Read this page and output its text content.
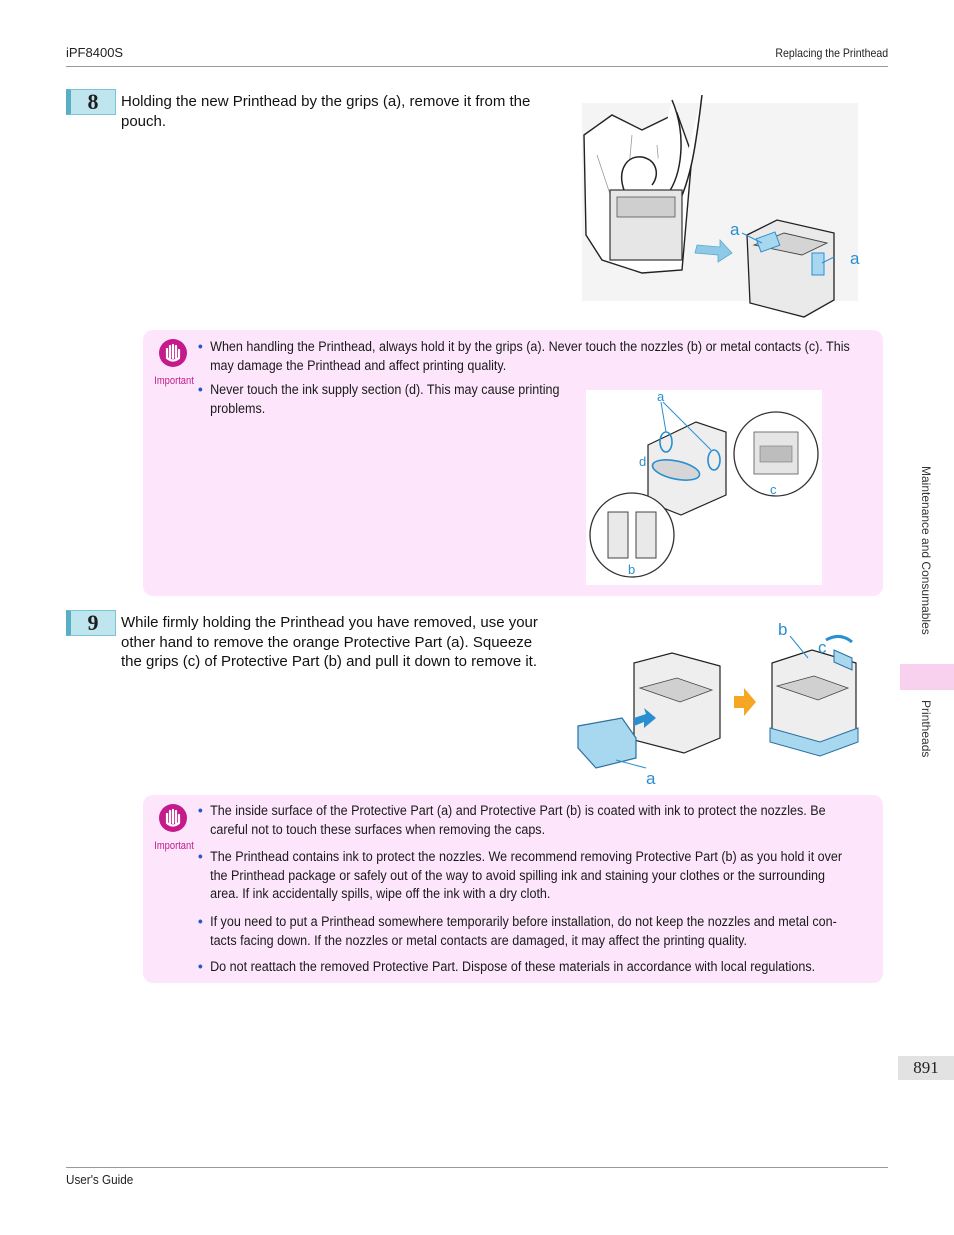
iPF8400S	Replacing the Printhead
8	Holding the new Printhead by the grips (a), remove it from the
pouch.
a
a
Important
• When handling the Printhead, always hold it by the grips (a). Never touch the nozzles (b) or metal contacts (c). This
may damage the Printhead and affect printing quality.
• Never touch the ink supply section (d). This may cause printing
problems.
a
d
c
b
9	While firmly holding the Printhead you have removed, use your
other hand to remove the orange Protective Part (a). Squeeze
the grips (c) of Protective Part (b) and pull it down to remove it.
a
b
c
Important
• The inside surface of the Protective Part (a) and Protective Part (b) is coated with ink to protect the nozzles. Be
careful not to touch these surfaces when removing the caps.
• The Printhead contains ink to protect the nozzles. We recommend removing Protective Part (b) as you hold it over
the Printhead package or safely out of the way to avoid spilling ink and staining your clothes or the surrounding
area. If ink accidentally spills, wipe off the ink with a dry cloth.
• If you need to put a Printhead somewhere temporarily before installation, do not keep the nozzles and metal con-
tacts facing down. If the nozzles or metal contacts are damaged, it may affect the printing quality.
• Do not reattach the removed Protective Part. Dispose of these materials in accordance with local regulations.
Maintenance and Consumables
Printheads
891
User's Guide
